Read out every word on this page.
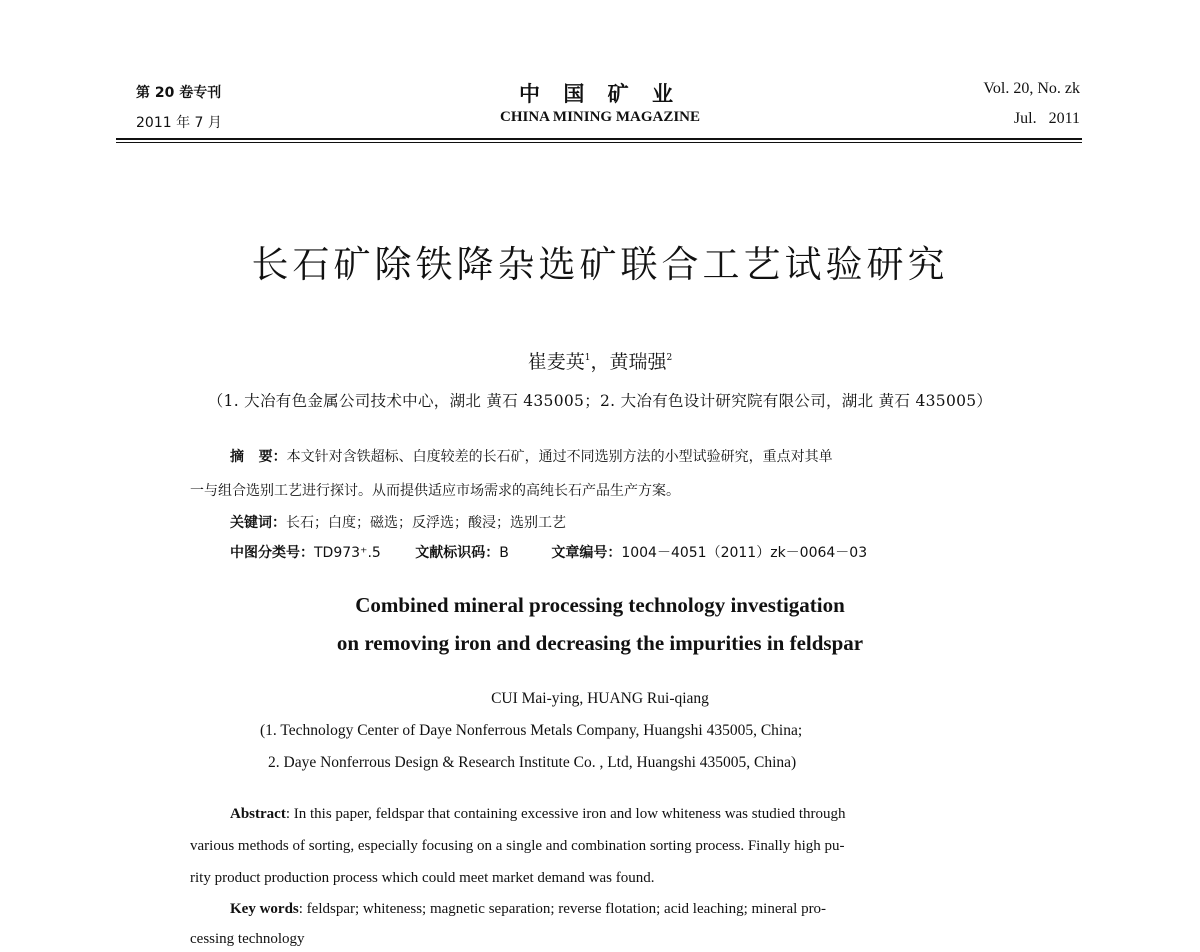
第 20 卷专刊
2011 年 7 月
中 国 矿 业
CHINA MINING MAGAZINE
Vol. 20, No. zk
Jul.   2011
长石矿除铁降杂选矿联合工艺试验研究
崔麦英$^1$，黄瑞强$^2$
（1. 大冶有色金属公司技术中心，湖北 黄石 435005；2. 大冶有色设计研究院有限公司，湖北 黄石 435005）
摘   要：本文针对含铁超标、白度较差的长石矿，通过不同选别方法的小型试验研究，重点对其单
一与组合选别工艺进行探讨。从而提供适应市场需求的高纯长石产品生产方案。
关键词：长石；白度；磁选；反浮选；酸浸；选别工艺
中图分类号：TD973⁺.5 文献标识码：B	文章编号：1004－4051（2011）zk－0064－03
Combined mineral processing technology investigation
on removing iron and decreasing the impurities in feldspar
CUI Mai-ying, HUANG Rui-qiang
(1. Technology Center of Daye Nonferrous Metals Company, Huangshi 435005, China;
2. Daye Nonferrous Design & Research Institute Co. , Ltd, Huangshi 435005, China)
Abstract: In this paper, feldspar that containing excessive iron and low whiteness was studied through
various methods of sorting, especially focusing on a single and combination sorting process. Finally high pu-
rity product production process which could meet market demand was found.
Key words: feldspar; whiteness; magnetic separation; reverse flotation; acid leaching; mineral pro-
cessing technology
